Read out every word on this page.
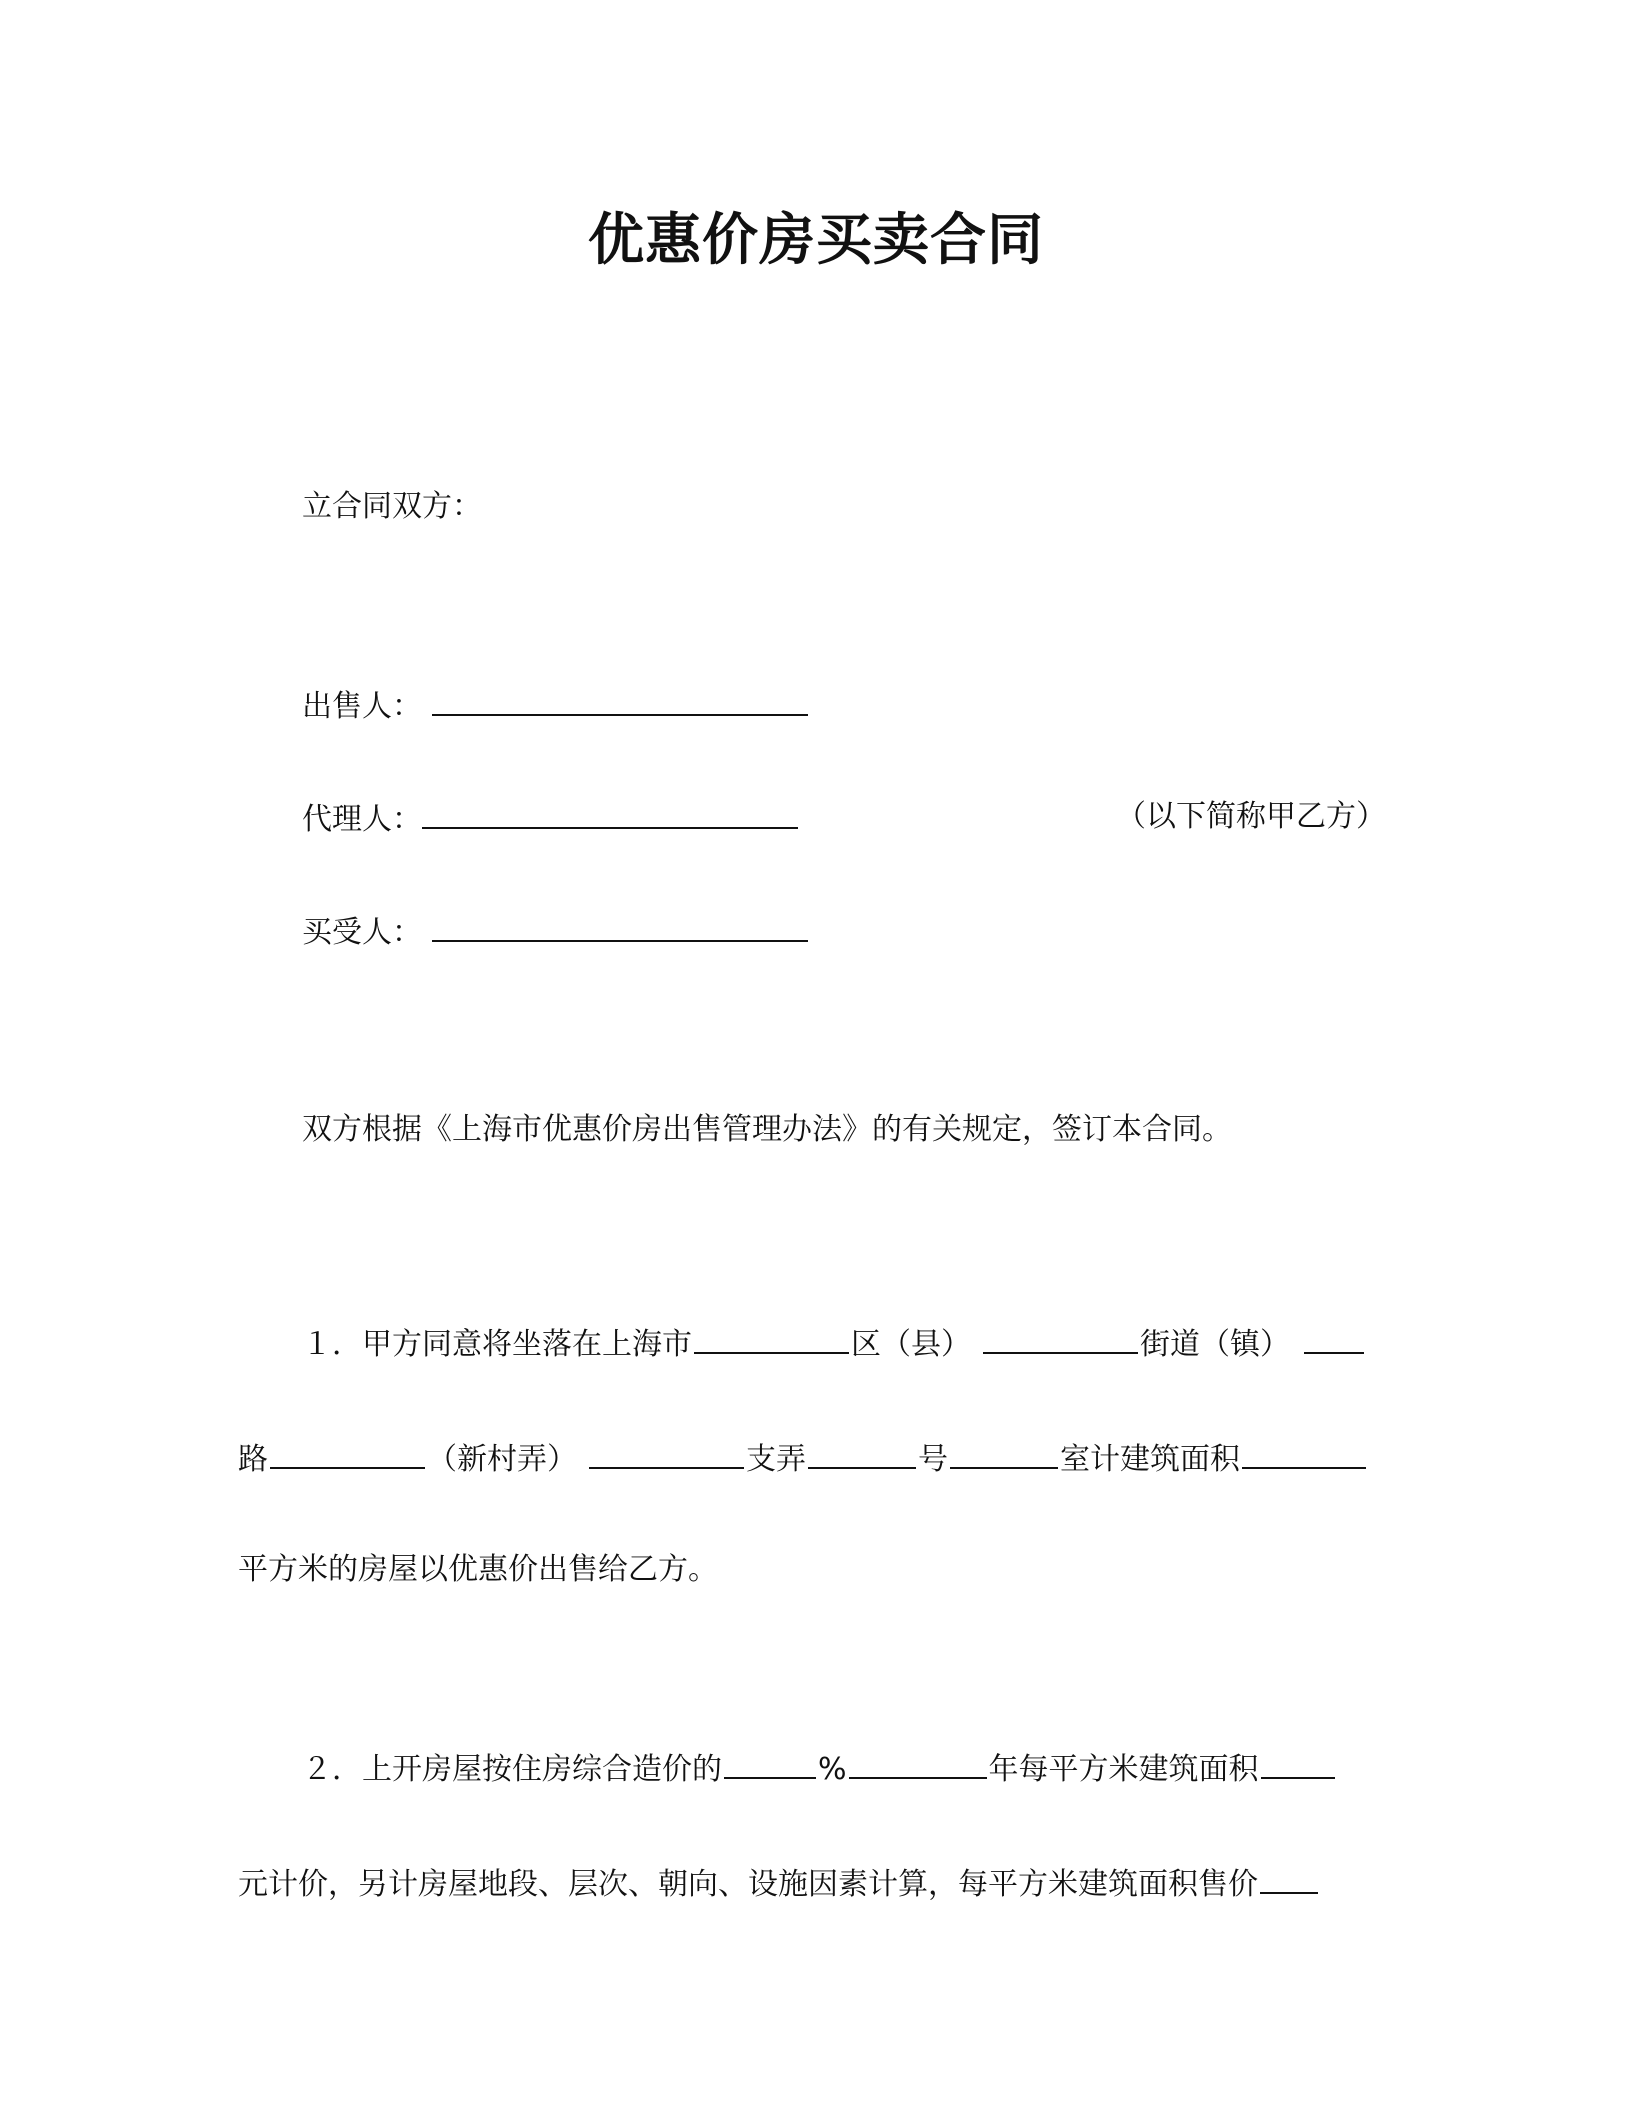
优惠价房买卖合同
立合同双方：
出售人：
代理人：	（以下简称甲乙方）
买受人：
双方根据《上海市优惠价房出售管理办法》的有关规定，签订本合同。
１．甲方同意将坐落在上海市	区（县）	街道（镇）
路	（新村弄）	支弄	号	室计建筑面积
平方米的房屋以优惠价出售给乙方。
２．上开房屋按住房综合造价的	%	年每平方米建筑面积
元计价，另计房屋地段、层次、朝向、设施因素计算，每平方米建筑面积售价
